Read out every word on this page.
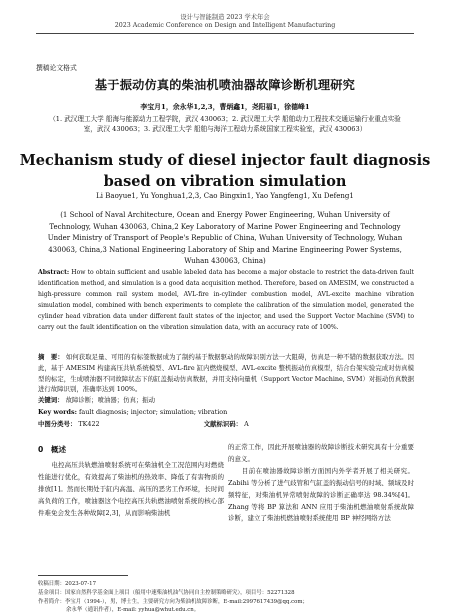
设计与智能制造 2023 学术年会
2023 Academic Conference on Design and Intelligent Manufacturing
撰稿论文格式
基于振动仿真的柴油机喷油器故障诊断机理研究
李宝月1，余永华1,2,3，曹炳鑫1，尧阳福1，徐德峰1
（1. 武汉理工大学 船海与能源动力工程学院，武汉 430063；2. 武汉理工大学 船舶动力工程技术交通运输行业重点实验室，武汉 430063；3. 武汉理工大学 船舶与海洋工程动力系统国家工程实验室，武汉 430063）
Mechanism study of diesel injector fault diagnosis based on vibration simulation
Li Baoyue1, Yu Yonghua1,2,3, Cao Bingxin1, Yao Yangfeng1, Xu Defeng1
(1 School of Naval Architecture, Ocean and Energy Power Engineering, Wuhan University of Technology, Wuhan 430063, China,2 Key Laboratory of Marine Power Engineering and Technology Under Ministry of Transport of People's Republic of China, Wuhan University of Technology, Wuhan 430063, China,3 National Engineering Laboratory of Ship and Marine Engineering Power Systems, Wuhan 430063, China)
Abstract: How to obtain sufficient and usable labeled data has become a major obstacle to restrict the data-driven fault identification method, and simulation is a good data acquisition method. Therefore, based on AMESIM, we constructed a high-pressure common rail system model, AVL-fire in-cylinder combustion model, AVL-excite machine vibration simulation model, combined with bench experiments to complete the calibration of the simulation model, generated the cylinder head vibration data under different fault states of the injector, and used the Support Vector Machine (SVM) to carry out the fault identification on the vibration simulation data, with an accuracy rate of 100%.
摘　要： 如何获取足量、可用的有标签数据成为了制约基于数据驱动的故障识别方法一大阻碍，仿真是一种不错的数据获取方法。因此，基于 AMESIM 构建高压共轨系统模型、AVL-fire 缸内燃烧模型、AVL-excite 整机振动仿真模型，结合台架实验完成对仿真模型的标定，生成喷油器不同故障状态下的缸盖振动仿真数据，并用支持向量机（Support Vector Machine, SVM）对振动仿真数据进行故障识别，准确率达到 100%。
关键词： 故障诊断；喷油器；仿真；振动
Key words: fault diagnosis; injector; simulation; vibration
中图分类号： TK422	文献标识码： A
0　概述
　　电控高压共轨燃油喷射系统可在柴油机全工况范围内对燃烧性能进行优化，有效提高了柴油机的热效率、降低了有害物质的排放[1]。然而长期处于缸内高温、高压的恶劣工作环境，长时间高负荷的工作，喷油器这个电控高压共轨燃油喷射系统的核心部件难免会发生各种故障[2,3]，从而影响柴油机
的正常工作，因此开展喷油器的故障诊断技术研究具有十分重要的意义。
　　目前在喷油器故障诊断方面国内外学者开展了相关研究。Zabihi 等分析了进气歧管和气缸盖的振动信号的时域、频域及时频特征，对柴油机异常喷射故障的诊断正确率达 98.34%[4]。Zhang 等将 BP 算法和 ANN 应用于柴油机燃油喷射系统故障诊断，建立了柴油机燃油喷射系统使用 BP 神经网络方法
收稿日期：2023-07-17
基金项目：国家自然科学基金面上项目（船用中速柴油机油气协同自主控制策略研究），项目号：52271328
作者简介：李宝月（1994-），男，博士生，主要研究方向为柴油机故障诊断，E-mail:2997617439@qq.com；
余永华（通讯作者），E-mail: yyhua@whut.edu.cn。
